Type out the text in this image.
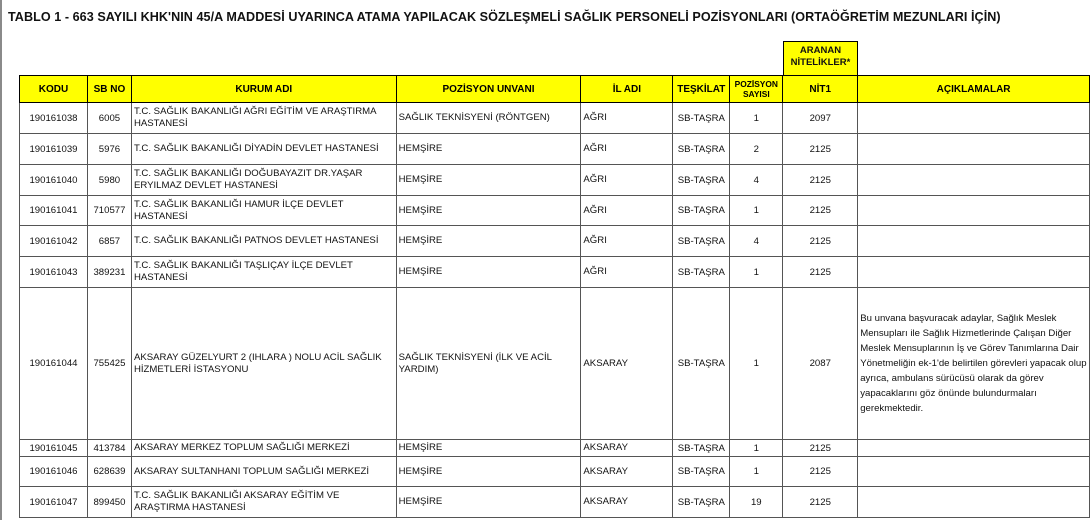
TABLO 1 - 663 SAYILI KHK'NIN 45/A MADDESİ UYARINCA ATAMA YAPILACAK SÖZLEŞMELİ SAĞLIK PERSONELİ POZİSYONLARI (ORTAÖĞRETİM MEZUNLARI İÇİN)
ARANAN
NİTELİKLER*
KODU	SB NO	KURUM ADI	POZİSYON UNVANI	İL ADI	TEŞKİLAT	POZİSYON
SAYISI	NİT1	AÇIKLAMALAR
190161038	6005	T.C. SAĞLIK BAKANLIĞI AĞRI EĞİTİM VE ARAŞTIRMA HASTANESİ	SAĞLIK TEKNİSYENİ (RÖNTGEN)	AĞRI	SB-TAŞRA	1	2097	
190161039	5976	T.C. SAĞLIK BAKANLIĞI DİYADİN DEVLET HASTANESİ	HEMŞİRE	AĞRI	SB-TAŞRA	2	2125	
190161040	5980	T.C. SAĞLIK BAKANLIĞI DOĞUBAYAZIT DR.YAŞAR ERYILMAZ DEVLET HASTANESİ	HEMŞİRE	AĞRI	SB-TAŞRA	4	2125	
190161041	710577	T.C. SAĞLIK BAKANLIĞI HAMUR İLÇE DEVLET HASTANESİ	HEMŞİRE	AĞRI	SB-TAŞRA	1	2125	
190161042	6857	T.C. SAĞLIK BAKANLIĞI PATNOS DEVLET HASTANESİ	HEMŞİRE	AĞRI	SB-TAŞRA	4	2125	
190161043	389231	T.C. SAĞLIK BAKANLIĞI TAŞLIÇAY İLÇE DEVLET HASTANESİ	HEMŞİRE	AĞRI	SB-TAŞRA	1	2125	
190161044	755425	AKSARAY GÜZELYURT 2 (IHLARA ) NOLU ACİL SAĞLIK HİZMETLERİ İSTASYONU	SAĞLIK TEKNİSYENİ (İLK VE ACİL YARDIM)	AKSARAY	SB-TAŞRA	1	2087	Bu unvana başvuracak adaylar, Sağlık Meslek Mensupları ile Sağlık Hizmetlerinde Çalışan Diğer Meslek Mensuplarının İş ve Görev Tanımlarına Dair Yönetmeliğin ek-1'de belirtilen görevleri yapacak olup ayrıca, ambulans sürücüsü olarak da görev yapacaklarını göz önünde bulundurmaları gerekmektedir.
190161045	413784	AKSARAY MERKEZ TOPLUM SAĞLIĞI MERKEZİ	HEMŞİRE	AKSARAY	SB-TAŞRA	1	2125	
190161046	628639	AKSARAY SULTANHANI TOPLUM SAĞLIĞI MERKEZİ	HEMŞİRE	AKSARAY	SB-TAŞRA	1	2125	
190161047	899450	T.C. SAĞLIK BAKANLIĞI AKSARAY EĞİTİM VE ARAŞTIRMA HASTANESİ	HEMŞİRE	AKSARAY	SB-TAŞRA	19	2125	
